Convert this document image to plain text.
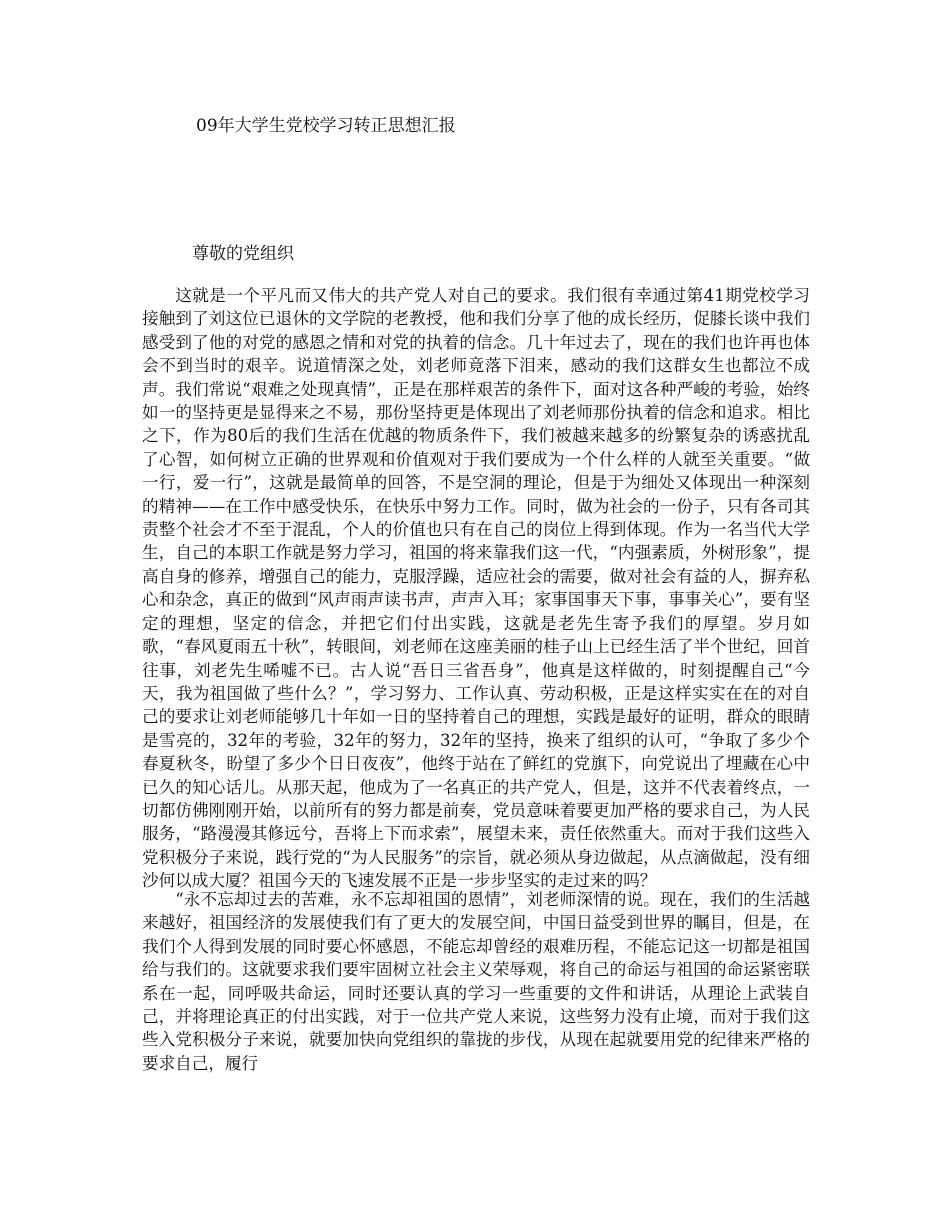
09年大学生党校学习转正思想汇报
尊敬的党组织

这就是一个平凡而又伟大的共产党人对自己的要求。我们很有幸通过第41期党校学习接触到了刘这位已退休的文学院的老教授，他和我们分享了他的成长经历，促膝长谈中我们感受到了他的对党的感恩之情和对党的执着的信念。几十年过去了，现在的我们也许再也体会不到当时的艰辛。说道情深之处，刘老师竟落下泪来，感动的我们这群女生也都泣不成声。我们常说“艰难之处现真情”，正是在那样艰苦的条件下，面对这各种严峻的考验，始终如一的坚持更是显得来之不易，那份坚持更是体现出了刘老师那份执着的信念和追求。相比之下，作为80后的我们生活在优越的物质条件下，我们被越来越多的纷繁复杂的诱惑扰乱了心智，如何树立正确的世界观和价值观对于我们要成为一个什么样的人就至关重要。“做一行，爱一行”，这就是最简单的回答，不是空洞的理论，但是于为细处又体现出一种深刻的精神——在工作中感受快乐，在快乐中努力工作。同时，做为社会的一份子，只有各司其责整个社会才不至于混乱，个人的价值也只有在自己的岗位上得到体现。作为一名当代大学生，自己的本职工作就是努力学习，祖国的将来靠我们这一代，“内强素质，外树形象”，提高自身的修养，增强自己的能力，克服浮躁，适应社会的需要，做对社会有益的人，摒弃私心和杂念，真正的做到“风声雨声读书声，声声入耳；家事国事天下事，事事关心”，要有坚定的理想，坚定的信念，并把它们付出实践，这就是老先生寄予我们的厚望。岁月如歌，“春风夏雨五十秋”，转眼间，刘老师在这座美丽的桂子山上已经生活了半个世纪，回首往事，刘老先生唏嘘不已。古人说“吾日三省吾身”，他真是这样做的，时刻提醒自己“今天，我为祖国做了些什么？”，学习努力、工作认真、劳动积极，正是这样实实在在的对自己的要求让刘老师能够几十年如一日的坚持着自己的理想，实践是最好的证明，群众的眼睛是雪亮的，32年的考验，32年的努力，32年的坚持，换来了组织的认可，“争取了多少个春夏秋冬，盼望了多少个日日夜夜”，他终于站在了鲜红的党旗下，向党说出了埋藏在心中已久的知心话儿。从那天起，他成为了一名真正的共产党人，但是，这并不代表着终点，一切都仿佛刚刚开始，以前所有的努力都是前奏，党员意味着要更加严格的要求自己，为人民服务，“路漫漫其修远兮，吾将上下而求索”，展望未来，责任依然重大。而对于我们这些入党积极分子来说，践行党的“为人民服务”的宗旨，就必须从身边做起，从点滴做起，没有细沙何以成大厦？祖国今天的飞速发展不正是一步步坚实的走过来的吗？

“永不忘却过去的苦难，永不忘却祖国的恩情”，刘老师深情的说。现在，我们的生活越来越好，祖国经济的发展使我们有了更大的发展空间，中国日益受到世界的瞩目，但是，在我们个人得到发展的同时要心怀感恩，不能忘却曾经的艰难历程，不能忘记这一切都是祖国给与我们的。这就要求我们要牢固树立社会主义荣辱观，将自己的命运与祖国的命运紧密联系在一起，同呼吸共命运，同时还要认真的学习一些重要的文件和讲话，从理论上武装自己，并将理论真正的付出实践，对于一位共产党人来说，这些努力没有止境，而对于我们这些入党积极分子来说，就要加快向党组织的靠拢的步伐，从现在起就要用党的纪律来严格的要求自己，履行
